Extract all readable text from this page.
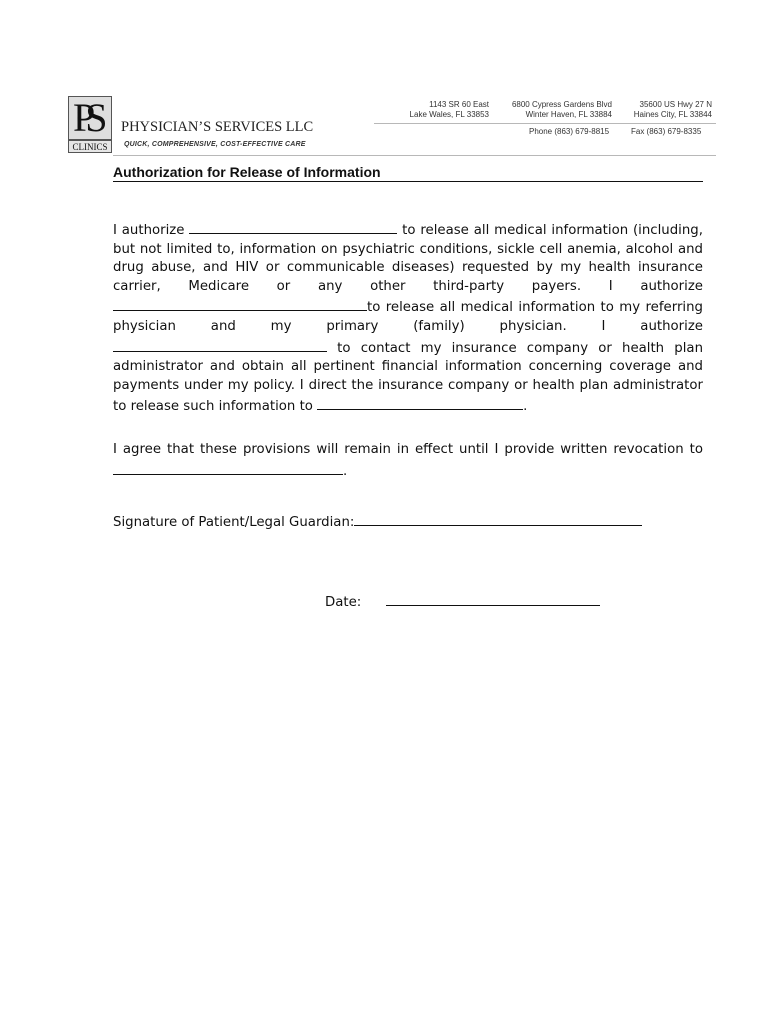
PS
CLINICS
PHYSICIAN’S SERVICES LLC
QUICK, COMPREHENSIVE, COST-EFFECTIVE CARE
1143 SR 60 East
Lake Wales, FL 33853
6800 Cypress Gardens Blvd
Winter Haven, FL 33884
35600 US Hwy 27 N
Haines City, FL 33844
Phone (863) 679-8815	Fax (863) 679-8335
Authorization for Release of Information
I authorize	to release all medical information (including,
but not limited to, information on psychiatric conditions, sickle cell anemia, alcohol and
drug abuse, and HIV or communicable diseases) requested by my health insurance
carrier, Medicare or any other third-party payers. I authorize
to release all medical information to my referring
physician and my primary (family) physician. I authorize
to contact my insurance company or health plan
administrator and obtain all pertinent financial information concerning coverage and
payments under my policy. I direct the insurance company or health plan administrator
to release such information to	.
I agree that these provisions will remain in effect until I provide written revocation to
.
Signature of Patient/Legal Guardian:
Date:
